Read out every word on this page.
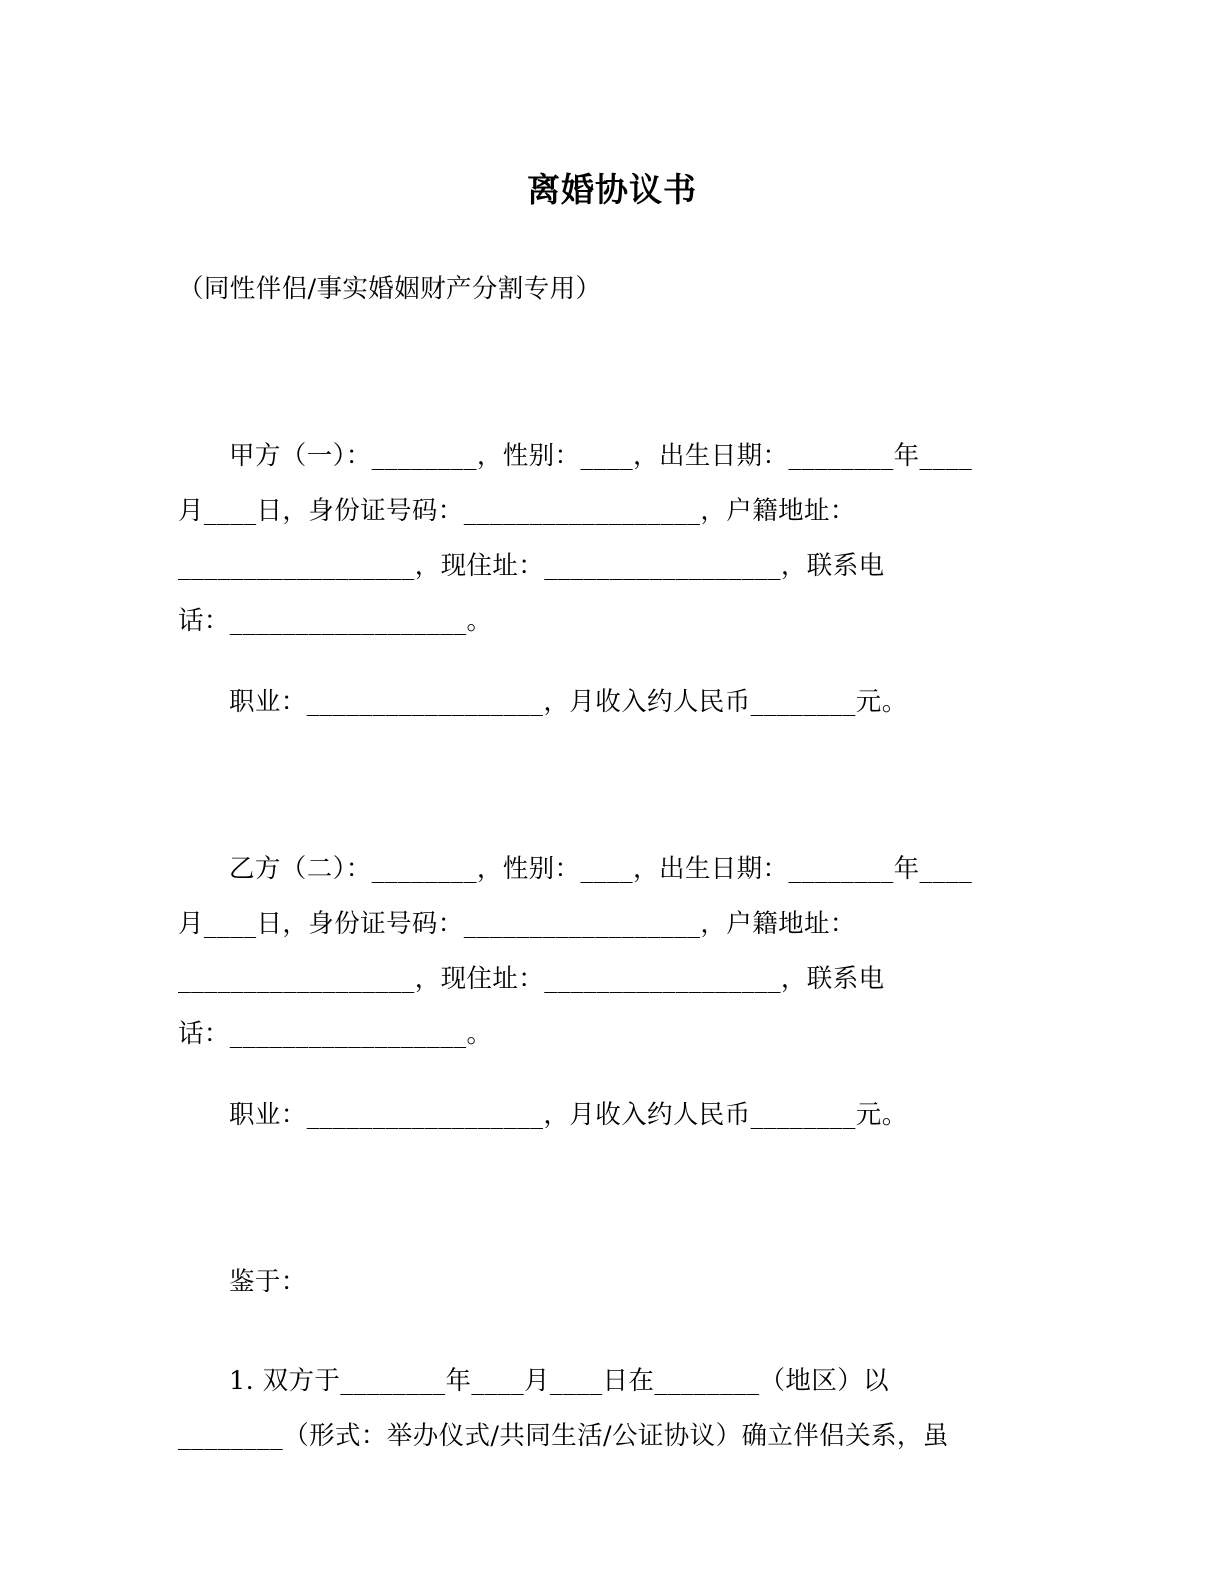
离婚协议书

（同性伴侣/事实婚姻财产分割专用）

甲方（一）：________，性别：____，出生日期：________年____

月____日，身份证号码：__________________，户籍地址：

__________________，现住址：__________________，联系电

话：__________________。

职业：__________________，月收入约人民币________元。

乙方（二）：________，性别：____，出生日期：________年____

月____日，身份证号码：__________________，户籍地址：

__________________，现住址：__________________，联系电

话：__________________。

职业：__________________，月收入约人民币________元。

鉴于：

1. 双方于________年____月____日在________（地区）以

________（形式：举办仪式/共同生活/公证协议）确立伴侣关系，虽
